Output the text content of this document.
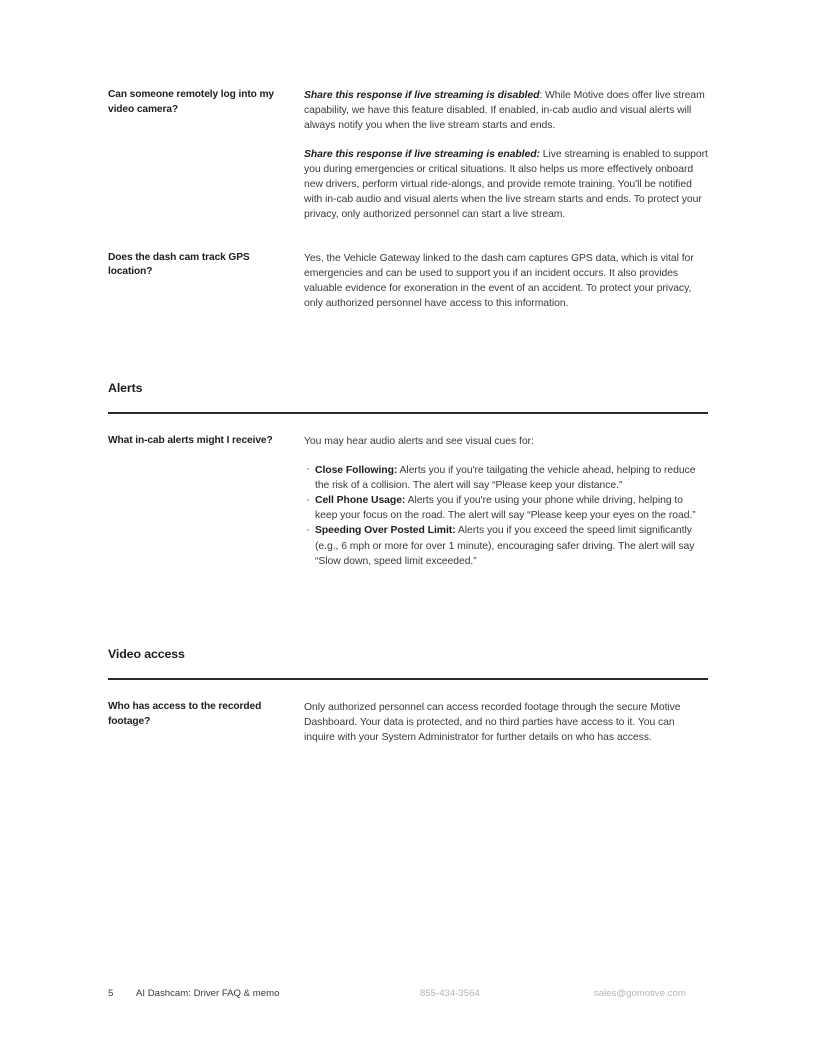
Can someone remotely log into my video camera?

Share this response if live streaming is disabled: While Motive does offer live stream capability, we have this feature disabled. If enabled, in-cab audio and visual alerts will always notify you when the live stream starts and ends.

Share this response if live streaming is enabled: Live streaming is enabled to support you during emergencies or critical situations. It also helps us more effectively onboard new drivers, perform virtual ride-alongs, and provide remote training. You'll be notified with in-cab audio and visual alerts when the live stream starts and ends. To protect your privacy, only authorized personnel can start a live stream.

Does the dash cam track GPS location?

Yes, the Vehicle Gateway linked to the dash cam captures GPS data, which is vital for emergencies and can be used to support you if an incident occurs. It also provides valuable evidence for exoneration in the event of an accident. To protect your privacy, only authorized personnel have access to this information.

Alerts
What in-cab alerts might I receive?	You may hear audio alerts and see visual cues for:

· Close Following: Alerts you if you're tailgating the vehicle ahead, helping to reduce the risk of a collision. The alert will say “Please keep your distance.”
· Cell Phone Usage: Alerts you if you're using your phone while driving, helping to keep your focus on the road. The alert will say “Please keep your eyes on the road.”
· Speeding Over Posted Limit: Alerts you if you exceed the speed limit significantly (e.g., 6 mph or more for over 1 minute), encouraging safer driving. The alert will say “Slow down, speed limit exceeded.”
Video access
Who has access to the recorded footage?

Only authorized personnel can access recorded footage through the secure Motive Dashboard. Your data is protected, and no third parties have access to it. You can inquire with your System Administrator for further details on who has access.

5 AI Dashcam: Driver FAQ & memo	855-434-3564	sales@gomotive.com
